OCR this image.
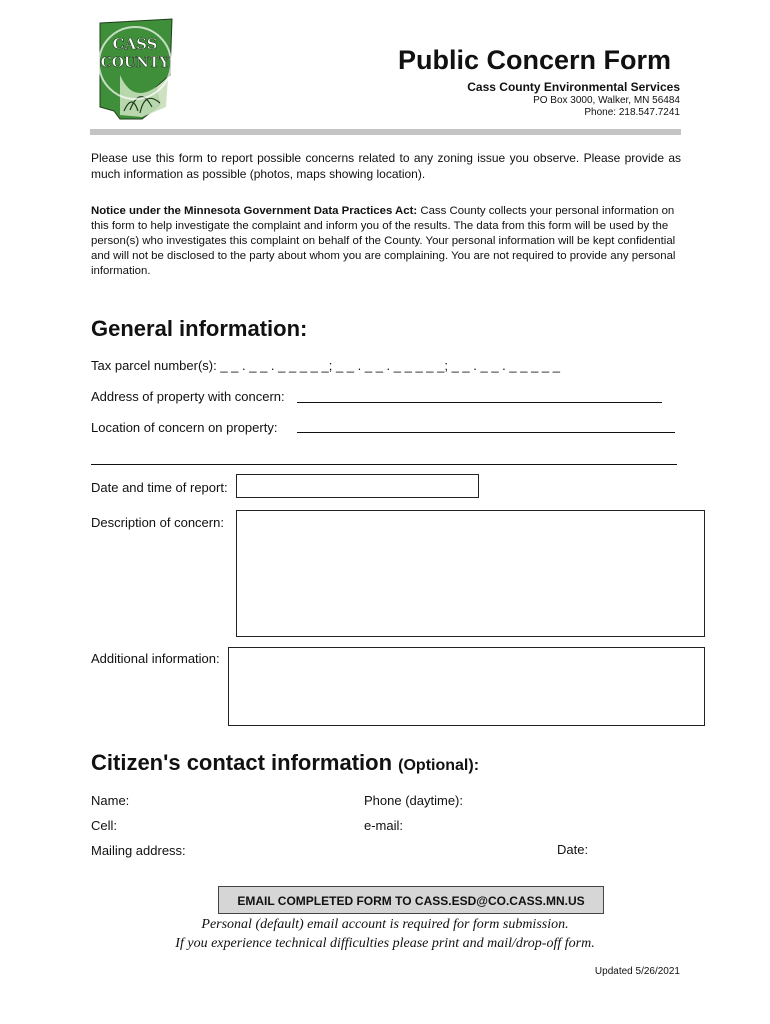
CASS
COUNTY	Public Concern Form
Cass County Environmental Services
PO Box 3000, Walker, MN 56484
Phone: 218.547.7241
Please use this form to report possible concerns related to any zoning issue you observe. Please provide as much information as possible (photos, maps showing location).
Notice under the Minnesota Government Data Practices Act: Cass County collects your personal information on this form to help investigate the complaint and inform you of the results. The data from this form will be used by the person(s) who investigates this complaint on behalf of the County. Your personal information will be kept confidential and will not be disclosed to the party about whom you are complaining. You are not required to provide any personal information.
General information:
Tax parcel number(s): _ _ . _ _ . _ _ _ _ _; _ _ . _ _ . _ _ _ _ _; _ _ . _ _ . _ _ _ _ _
Address of property with concern:
Location of concern on property:
Date and time of report:
Description of concern:
Additional information:
Citizen's contact information (Optional):
Name:	Phone (daytime):
Cell:	e-mail:
Mailing address:	Date:
EMAIL COMPLETED FORM TO CASS.ESD@CO.CASS.MN.US
Personal (default) email account is required for form submission.
If you experience technical difficulties please print and mail/drop-off form.
Updated 5/26/2021
